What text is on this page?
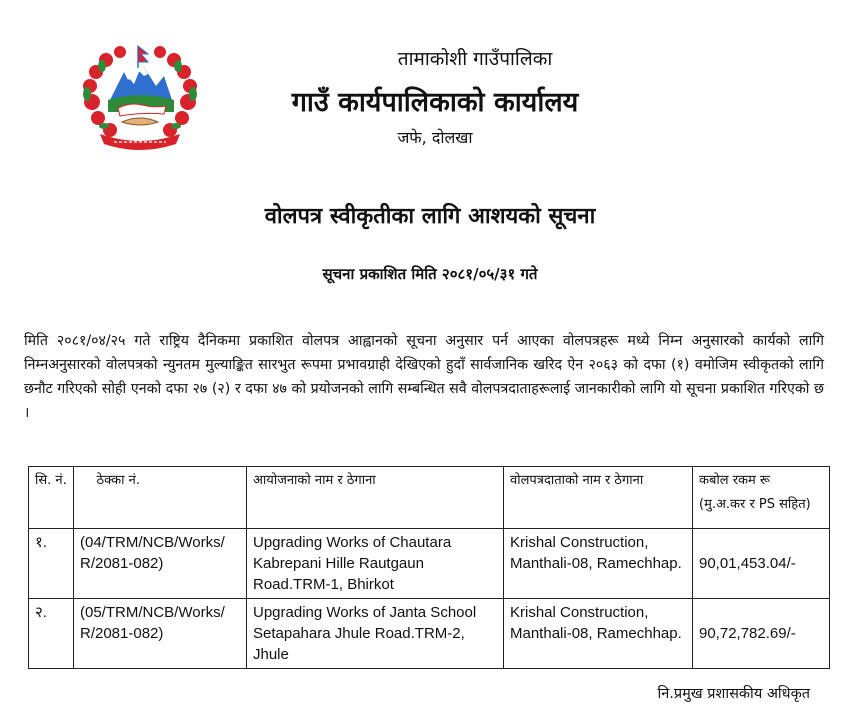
तामाकोशी गाउँपालिका
गाउँ कार्यपालिकाको कार्यालय
जफे, दोलखा
वोलपत्र स्वीकृतीका लागि आशयको सूचना
सूचना प्रकाशित मिति २०८१/०५/३१ गते
मिति २०८१/०४/२५ गते राष्ट्रिय दैनिकमा प्रकाशित वोलपत्र आह्वानको सूचना अनुसार पर्न आएका वोलपत्रहरू मध्ये निम्न अनुसारको कार्यको लागि निम्नअनुसारको वोलपत्रको न्युनतम मुल्याङ्कित सारभुत रूपमा प्रभावग्राही देखिएको हुदाँ सार्वजानिक खरिद ऐन २०६३ को दफा (१) वमोजिम स्वीकृतको लागि छनौट गरिएको सोही एनको दफा २७ (२) र दफा ४७ को प्रयोजनको लागि सम्बन्धित सवै वोलपत्रदाताहरूलाई जानकारीको लागि यो सूचना प्रकाशित गरिएको छ ।
सि. नं.	ठेक्का नं.	आयोजनाको नाम र ठेगाना	वोलपत्रदाताको नाम र ठेगाना	कबोल रकम रू
(मु.अ.कर र PS सहित)

१.	(04/TRM/NCB/Works/ R/2081-082)	Upgrading Works of Chautara Kabrepani Hille Rautgaun Road.TRM-1, Bhirkot	Krishal Construction, Manthali-08, Ramechhap.	90,01,453.04/-
२.	(05/TRM/NCB/Works/ R/2081-082)	Upgrading Works of Janta School Setapahara Jhule Road.TRM-2, Jhule	Krishal Construction, Manthali-08, Ramechhap.	90,72,782.69/-
नि.प्रमुख प्रशासकीय अधिकृत
